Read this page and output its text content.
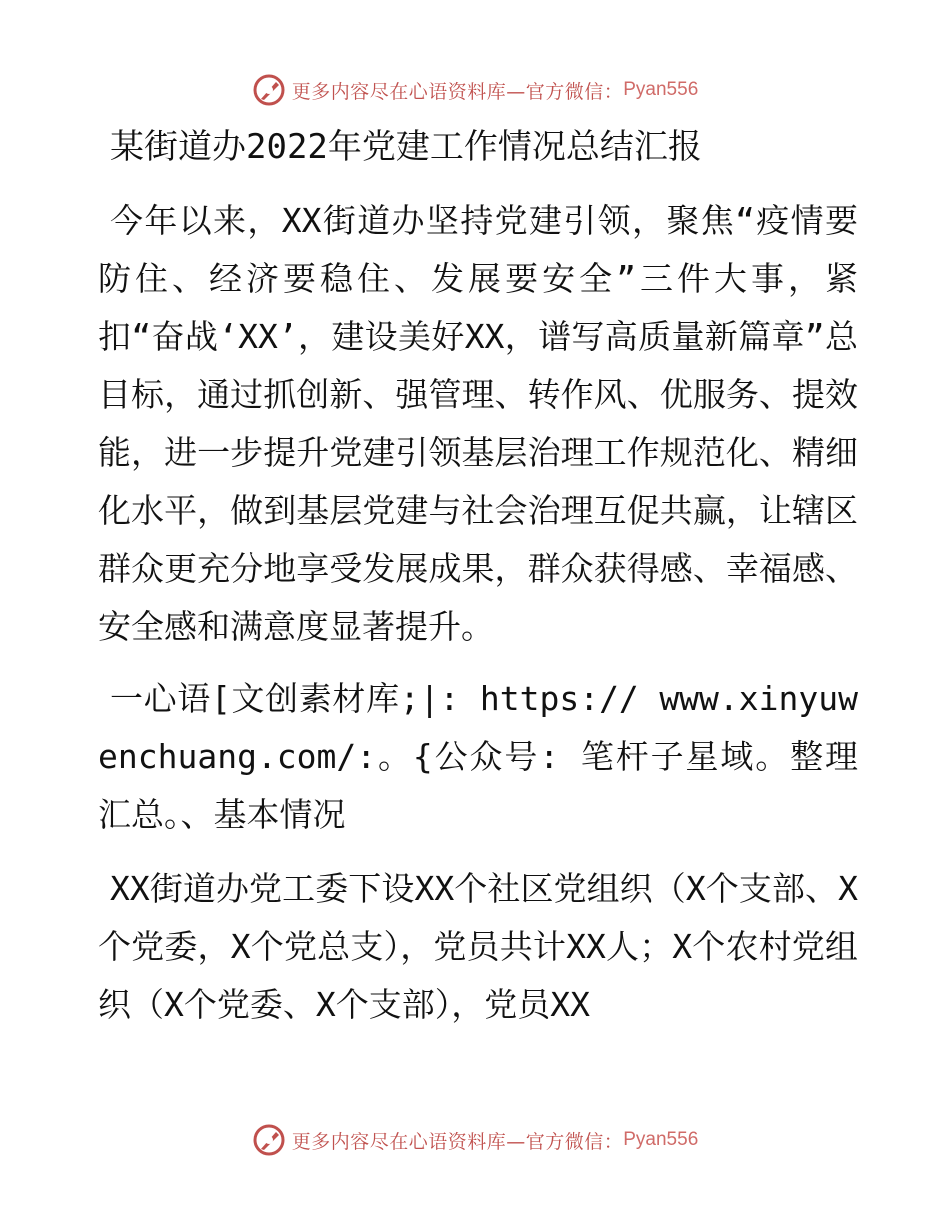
更多内容尽在心语资料库—官方微信： Pyan556
某街道办2022年党建工作情况总结汇报

今年以来，XX街道办坚持党建引领，聚焦“疫情要防住、经济要稳住、发展要安全”三件大事，紧扣“奋战‘XX’，建设美好XX，谱写高质量新篇章”总目标，通过抓创新、强管理、转作风、优服务、提效能，进一步提升党建引领基层治理工作规范化、精细化水平，做到基层党建与社会治理互促共赢，让辖区群众更充分地享受发展成果，群众获得感、幸福感、安全感和满意度显著提升。

一心语[文创素材库;|: https:// www.xinyuwenchuang.com/:。{公众号: 笔杆子星域。整理汇总。、基本情况

XX街道办党工委下设XX个社区党组织（X个支部、X个党委，X个党总支），党员共计XX人；X个农村党组织（X个党委、X个支部），党员XX

更多内容尽在心语资料库—官方微信： Pyan556
